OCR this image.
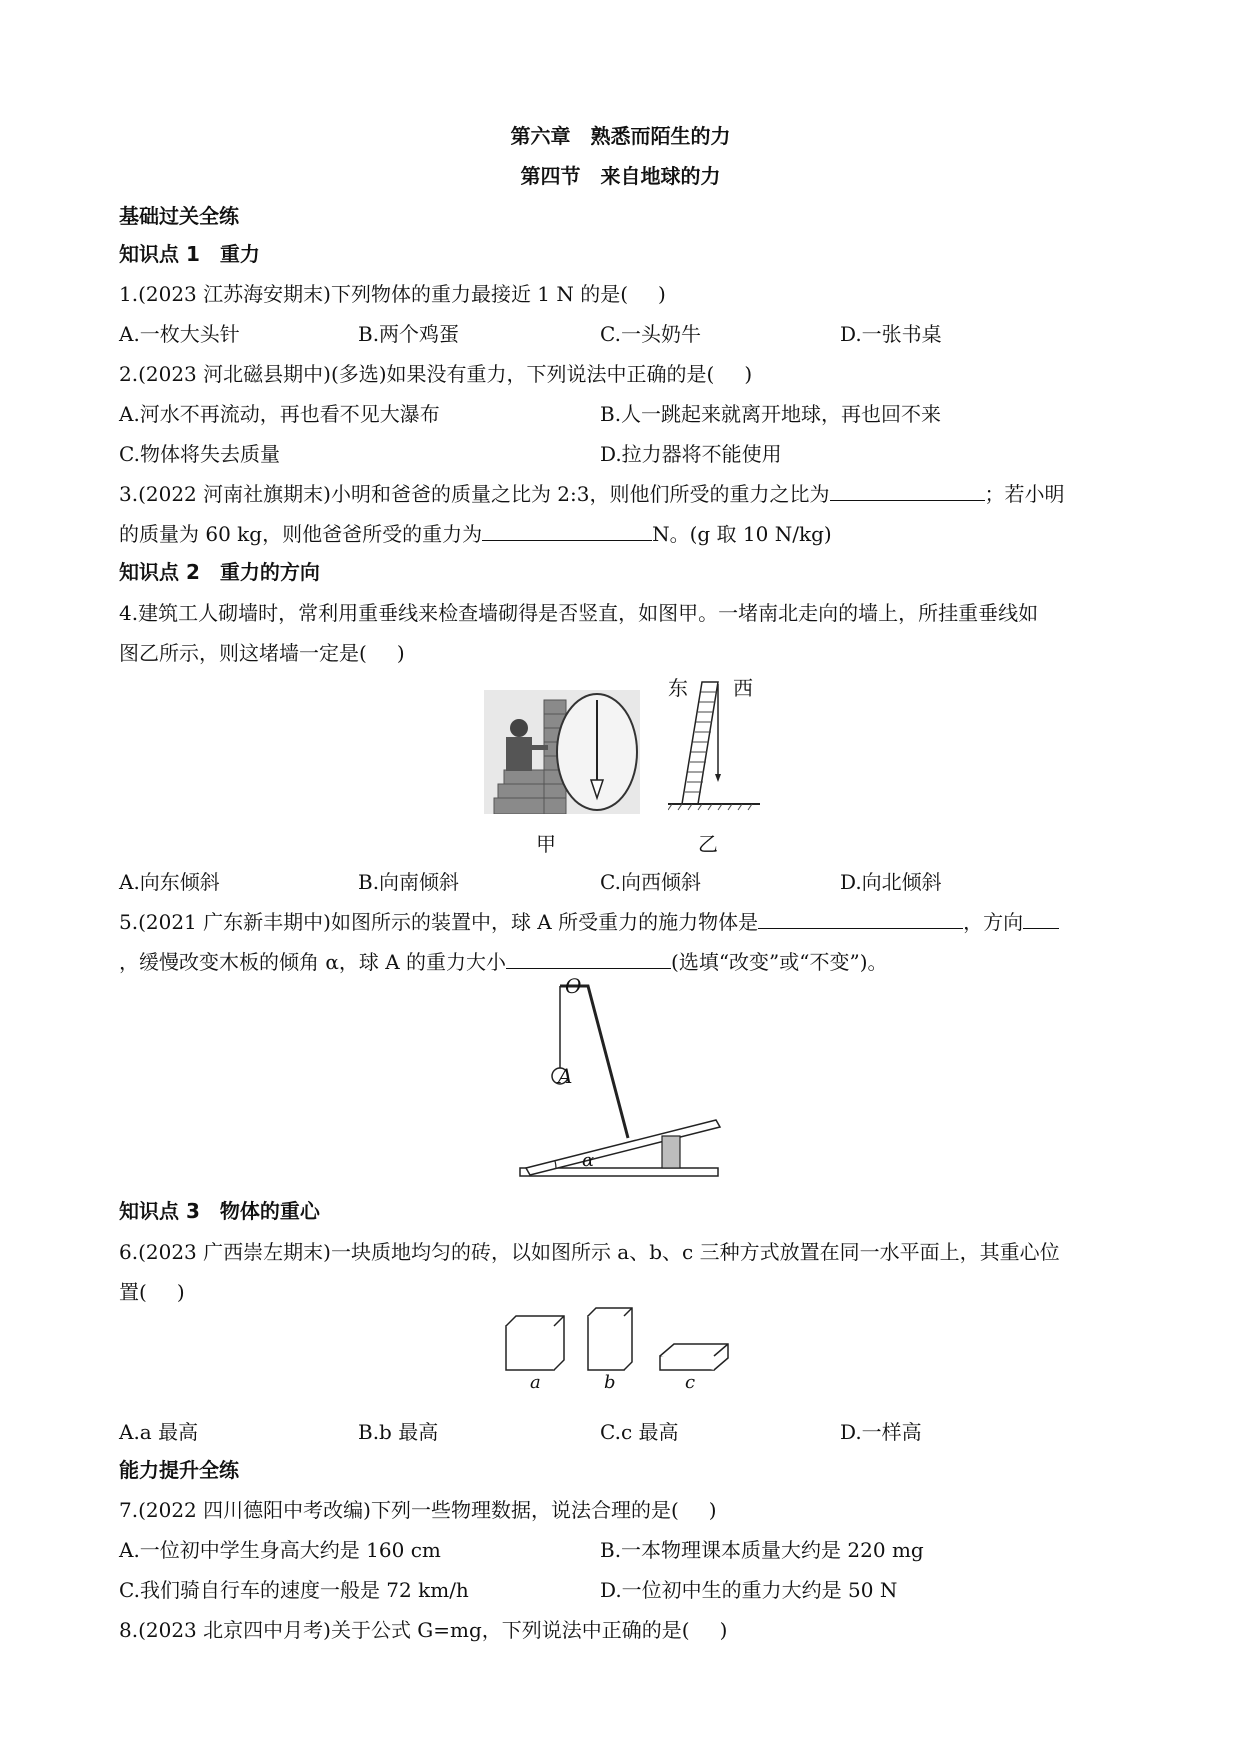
第六章　熟悉而陌生的力
第四节　来自地球的力
基础过关全练
知识点 1　重力
1.(2023 江苏海安期末)下列物体的重力最接近 1 N 的是( )
A.一枚大头针	B.两个鸡蛋	C.一头奶牛	D.一张书桌
2.(2023 河北磁县期中)(多选)如果没有重力，下列说法中正确的是( )
A.河水不再流动，再也看不见大瀑布	B.人一跳起来就离开地球，再也回不来
C.物体将失去质量	D.拉力器将不能使用
3.(2022 河南社旗期末)小明和爸爸的质量之比为 2:3，则他们所受的重力之比为	；若小明
的质量为 60 kg，则他爸爸所受的重力为	N。(g 取 10 N/kg)
知识点 2　重力的方向
4.建筑工人砌墙时，常利用重垂线来检查墙砌得是否竖直，如图甲。一堵南北走向的墙上，所挂重垂线如
图乙所示，则这堵墙一定是( )
甲
东 西
乙
A.向东倾斜	B.向南倾斜	C.向西倾斜	D.向北倾斜
5.(2021 广东新丰期中)如图所示的装置中，球 A 所受重力的施力物体是	，方向
，缓慢改变木板的倾角 α，球 A 的重力大小	(选填“改变”或“不变”)。
O
A
α
知识点 3　物体的重心
6.(2023 广西崇左期末)一块质地均匀的砖，以如图所示 a、b、c 三种方式放置在同一水平面上，其重心位
置( )
a	b	c
A.a 最高	B.b 最高	C.c 最高	D.一样高
能力提升全练
7.(2022 四川德阳中考改编)下列一些物理数据，说法合理的是( )
A.一位初中学生身高大约是 160 cm	B.一本物理课本质量大约是 220 mg
C.我们骑自行车的速度一般是 72 km/h	D.一位初中生的重力大约是 50 N
8.(2023 北京四中月考)关于公式 G=mg，下列说法中正确的是( )
